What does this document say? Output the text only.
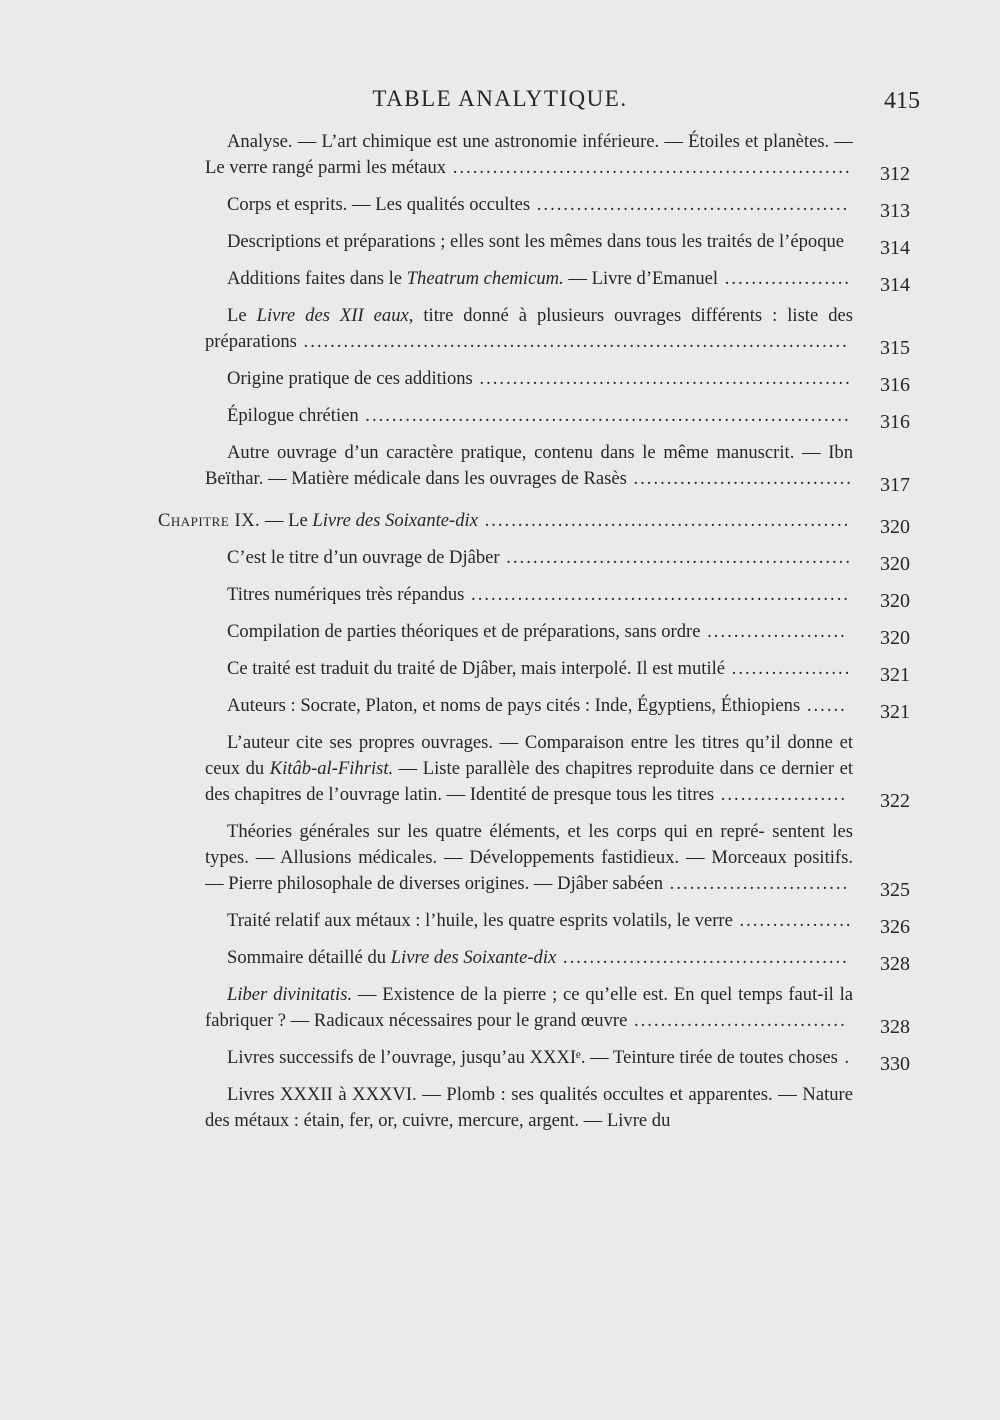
TABLE ANALYTIQUE.	415
Analyse. — L’art chimique est une astronomie inférieure. — Étoiles et planètes. — Le verre rangé parmi les métaux ............................................................	312
Corps et esprits. — Les qualités occultes ...............................................	313
Descriptions et préparations ; elles sont les mêmes dans tous les traités de l’époque	314
Additions faites dans le Theatrum chemicum. — Livre d’Emanuel ...................	314
Le Livre des XII eaux, titre donné à plusieurs ouvrages différents : liste des préparations ..................................................................................	315
Origine pratique de ces additions ........................................................	316
Épilogue chrétien .........................................................................	316
Autre ouvrage d’un caractère pratique, contenu dans le même manuscrit. — Ibn Beïthar. — Matière médicale dans les ouvrages de Rasès .................................	317
Chapitre IX. — Le Livre des Soixante-dix .......................................................	320
C’est le titre d’un ouvrage de Djâber ....................................................	320
Titres numériques très répandus .........................................................	320
Compilation de parties théoriques et de préparations, sans ordre .....................	320
Ce traité est traduit du traité de Djâber, mais interpolé. Il est mutilé ..................	321
Auteurs : Socrate, Platon, et noms de pays cités : Inde, Égyptiens, Éthiopiens ......	321
L’auteur cite ses propres ouvrages. — Comparaison entre les titres qu’il donne et ceux du Kitâb-al-Fihrist. — Liste parallèle des chapitres reproduite dans ce dernier et des chapitres de l’ouvrage latin. — Identité de presque tous les titres ...................	322
Théories générales sur les quatre éléments, et les corps qui en repré- sentent les types. — Allusions médicales. — Développements fastidieux. — Morceaux positifs. — Pierre philosophale de diverses origines. — Djâber sabéen ...........................	325
Traité relatif aux métaux : l’huile, les quatre esprits volatils, le verre .................	326
Sommaire détaillé du Livre des Soixante-dix ...........................................	328
Liber divinitatis. — Existence de la pierre ; ce qu’elle est. En quel temps faut-il la fabriquer ? — Radicaux nécessaires pour le grand œuvre ................................	328
Livres successifs de l’ouvrage, jusqu’au XXXIᵉ. — Teinture tirée de toutes choses .	330
Livres XXXII à XXXVI. — Plomb : ses qualités occultes et apparentes. — Nature des métaux : étain, fer, or, cuivre, mercure, argent. — Livre du
